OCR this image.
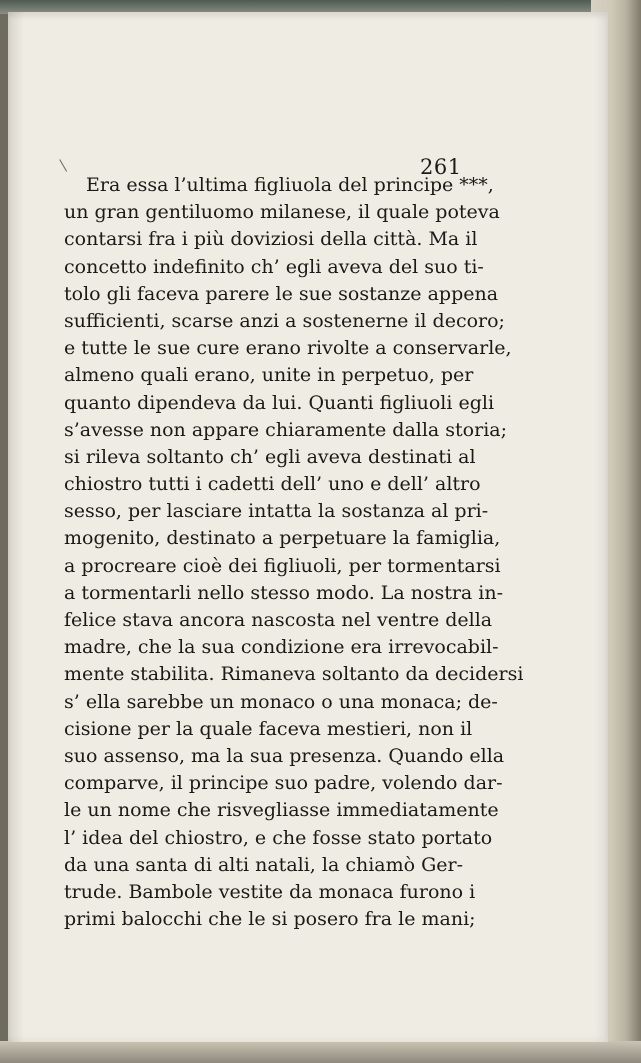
261
Era essa l’ultima figliuola del principe ***,
un gran gentiluomo milanese, il quale poteva
contarsi fra i più doviziosi della città. Ma il
concetto indefinito ch’ egli aveva del suo ti-
tolo gli faceva parere le sue sostanze appena
sufficienti, scarse anzi a sostenerne il decoro;
e tutte le sue cure erano rivolte a conservarle,
almeno quali erano, unite in perpetuo, per
quanto dipendeva da lui. Quanti figliuoli egli
s’avesse non appare chiaramente dalla storia;
si rileva soltanto ch’ egli aveva destinati al
chiostro tutti i cadetti dell’ uno e dell’ altro
sesso, per lasciare intatta la sostanza al pri-
mogenito, destinato a perpetuare la famiglia,
a procreare cioè dei figliuoli, per tormentarsi
a tormentarli nello stesso modo. La nostra in-
felice stava ancora nascosta nel ventre della
madre, che la sua condizione era irrevocabil-
mente stabilita. Rimaneva soltanto da decidersi
s’ ella sarebbe un monaco o una monaca; de-
cisione per la quale faceva mestieri, non il
suo assenso, ma la sua presenza. Quando ella
comparve, il principe suo padre, volendo dar-
le un nome che risvegliasse immediatamente
l’ idea del chiostro, e che fosse stato portato
da una santa di alti natali, la chiamò Ger-
trude. Bambole vestite da monaca furono i
primi balocchi che le si posero fra le mani;
